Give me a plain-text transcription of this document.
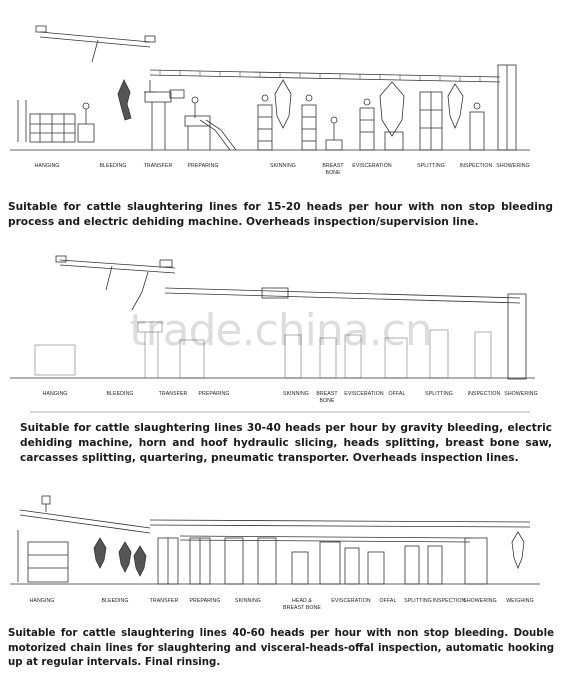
HANGING	BLEEDING	TRANSFER	PREPARING	SKINNING	BREAST
BONE
EVISCERATION	SPLITTING	INSPECTION SHOWERING
Suitable for cattle slaughtering lines for 15-20 heads per hour with non stop bleeding process and electric dehiding machine. Overheads inspection/supervision line.
HANGING	BLEEDING	TRANSFER PREPARING	SKINNING BREAST
BONE
EVISCERATION OFFAL	SPLITTING	INSPECTION SHOWERING
trade.china.cn
Suitable for cattle slaughtering lines 30-40 heads per hour by gravity bleeding, electric dehiding machine, horn and hoof hydraulic slicing, heads splitting, breast bone saw, carcasses splitting, quartering, pneumatic transporter. Overheads inspection lines.
HANGING	BLEEDING	TRANSFER PREPARING	SKINNING	HEAD &
BREAST BONE
EVISCERATION OFFAL SPLITTING INSPECTION
SHOWERING WEIGHING
Suitable for cattle slaughtering lines 40-60 heads per hour with non stop bleeding. Double motorized chain lines for slaughtering and visceral-heads-offal inspection, automatic hooking up at regular intervals. Final rinsing.
